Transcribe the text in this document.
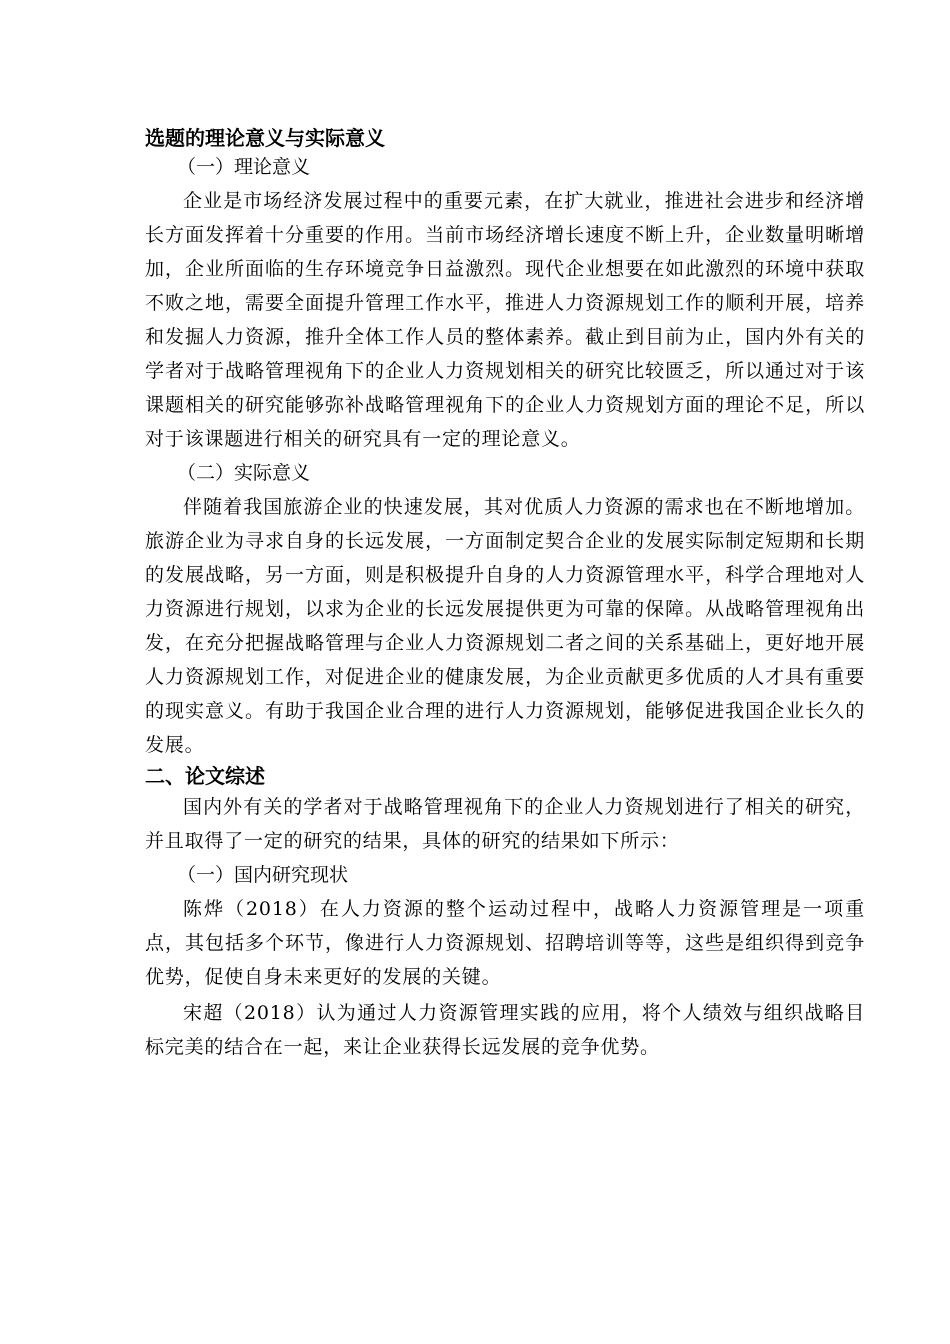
选题的理论意义与实际意义

（一）理论意义

企业是市场经济发展过程中的重要元素，在扩大就业，推进社会进步和经济增长方面发挥着十分重要的作用。当前市场经济增长速度不断上升，企业数量明晰增加，企业所面临的生存环境竞争日益激烈。现代企业想要在如此激烈的环境中获取不败之地，需要全面提升管理工作水平，推进人力资源规划工作的顺利开展，培养和发掘人力资源，推升全体工作人员的整体素养。截止到目前为止，国内外有关的学者对于战略管理视角下的企业人力资规划相关的研究比较匮乏，所以通过对于该课题相关的研究能够弥补战略管理视角下的企业人力资规划方面的理论不足，所以对于该课题进行相关的研究具有一定的理论意义。

（二）实际意义

伴随着我国旅游企业的快速发展，其对优质人力资源的需求也在不断地增加。旅游企业为寻求自身的长远发展，一方面制定契合企业的发展实际制定短期和长期的发展战略，另一方面，则是积极提升自身的人力资源管理水平，科学合理地对人力资源进行规划，以求为企业的长远发展提供更为可靠的保障。从战略管理视角出发，在充分把握战略管理与企业人力资源规划二者之间的关系基础上，更好地开展人力资源规划工作，对促进企业的健康发展，为企业贡献更多优质的人才具有重要的现实意义。有助于我国企业合理的进行人力资源规划，能够促进我国企业长久的发展。

二、论文综述

国内外有关的学者对于战略管理视角下的企业人力资规划进行了相关的研究，并且取得了一定的研究的结果，具体的研究的结果如下所示：

（一）国内研究现状

陈烨（2018）在人力资源的整个运动过程中，战略人力资源管理是一项重点，其包括多个环节，像进行人力资源规划、招聘培训等等，这些是组织得到竞争优势，促使自身未来更好的发展的关键。

宋超（2018）认为通过人力资源管理实践的应用，将个人绩效与组织战略目标完美的结合在一起，来让企业获得长远发展的竞争优势。
